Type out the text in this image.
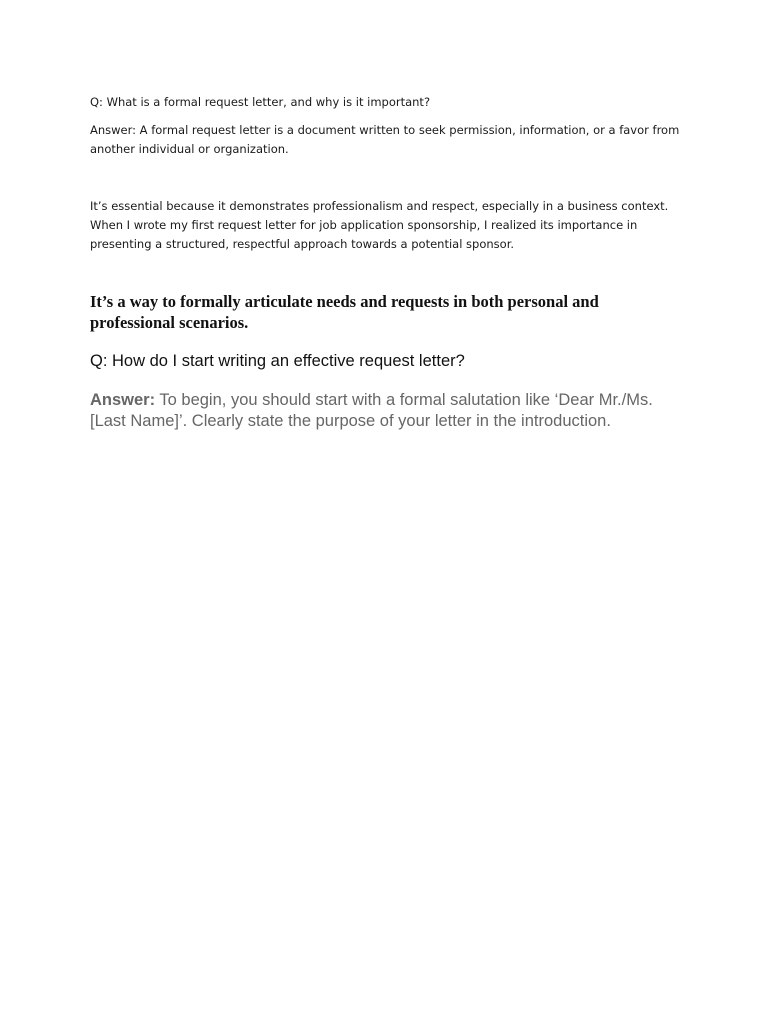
Q: What is a formal request letter, and why is it important?

Answer: A formal request letter is a document written to seek permission, information, or a favor from another individual or organization.

It’s essential because it demonstrates professionalism and respect, especially in a business context. When I wrote my first request letter for job application sponsorship, I realized its importance in presenting a structured, respectful approach towards a potential sponsor.

It’s a way to formally articulate needs and requests in both personal and professional scenarios.

Q: How do I start writing an effective request letter?

Answer: To begin, you should start with a formal salutation like ‘Dear Mr./Ms. [Last Name]’. Clearly state the purpose of your letter in the introduction.
